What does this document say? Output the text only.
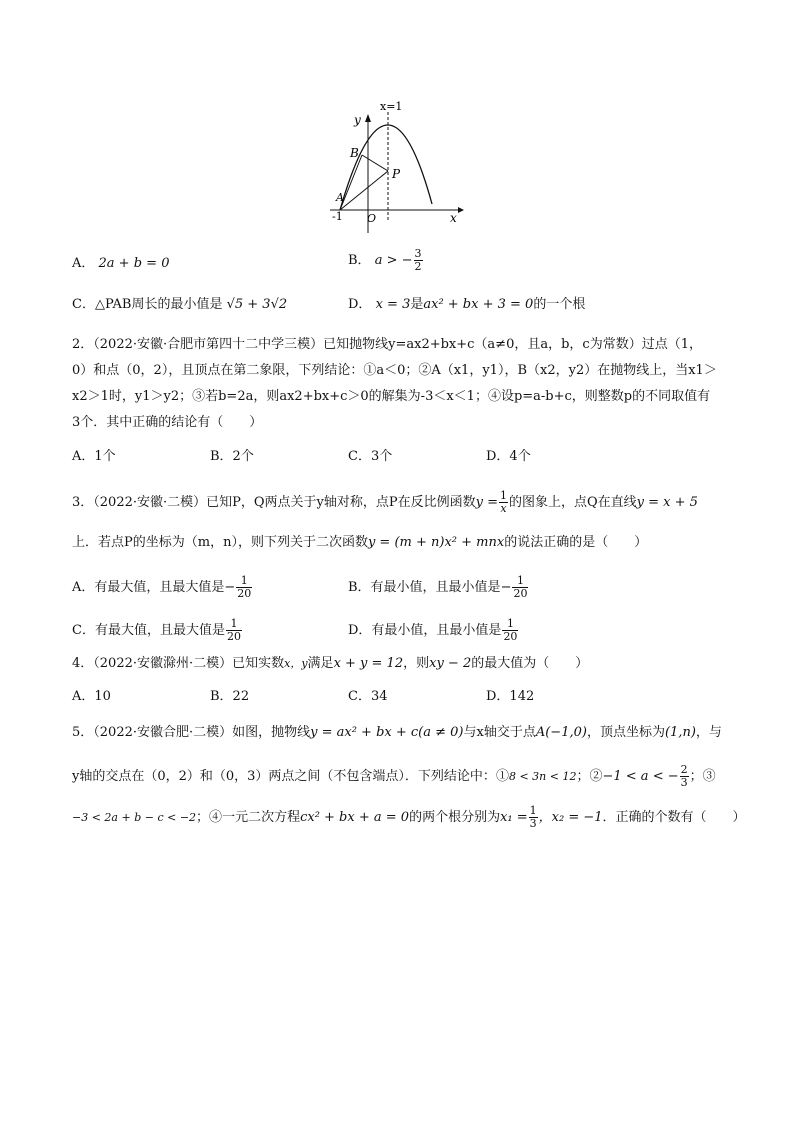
x=1
y
x
B
P
A
-1 O
A． 2a + b = 0	B． a > − $\frac{3}{2}$
C．△PAB周长的最小值是 √5 + 3√2	D． x = 3是ax² + bx + 3 = 0的一个根
2．（2022·安徽·合肥市第四十二中学三模）已知抛物线y=ax2+bx+c（a≠0，且a，b，c为常数）过点（1，
0）和点（0，2），且顶点在第二象限，下列结论：①a＜0；②A（x1，y1），B（x2，y2）在抛物线上，当x1＞
x2＞1时，y1＞y2；③若b=2a，则ax2+bx+c＞0的解集为-3＜x＜1；④设p=a-b+c，则整数p的不同取值有
3个．其中正确的结论有（　　）
A．1个	B．2个	C．3个	D．4个
3．（2022·安徽·二模）已知P，Q两点关于y轴对称，点P在反比例函数$y = \frac{1}{x}$ 的图象上，点Q在直线y = x + 5
上．若点P的坐标为（m，n），则下列关于二次函数y = (m + n)x² + mnx的说法正确的是（　　）
A．有最大值，且最大值是− $\frac{1}{20}$	B．有最小值，且最小值是− $\frac{1}{20}$
C．有最大值，且最大值是 $\frac{1}{20}$	D．有最小值，且最小值是 $\frac{1}{20}$
4．（2022·安徽滁州·二模）已知实数x，y满足x + y = 12，则xy − 2的最大值为（　　）
A．10	B．22	C．34	D．142
5．（2022·安徽合肥·二模）如图，抛物线y = ax² + bx + c(a ≠ 0)与x轴交于点A(−1,0)，顶点坐标为(1,n)，与
y轴的交点在（0，2）和（0，3）两点之间（不包含端点）．下列结论中：①8 < 3n < 12；②−1 < a < − $\frac{2}{3}$ ；③
−3 < 2a + b − c < −2；④一元二次方程cx² + bx + a = 0的两个根分别为$x_1 = \frac{1}{3}$ ，x₂ = −1．正确的个数有（　　）
